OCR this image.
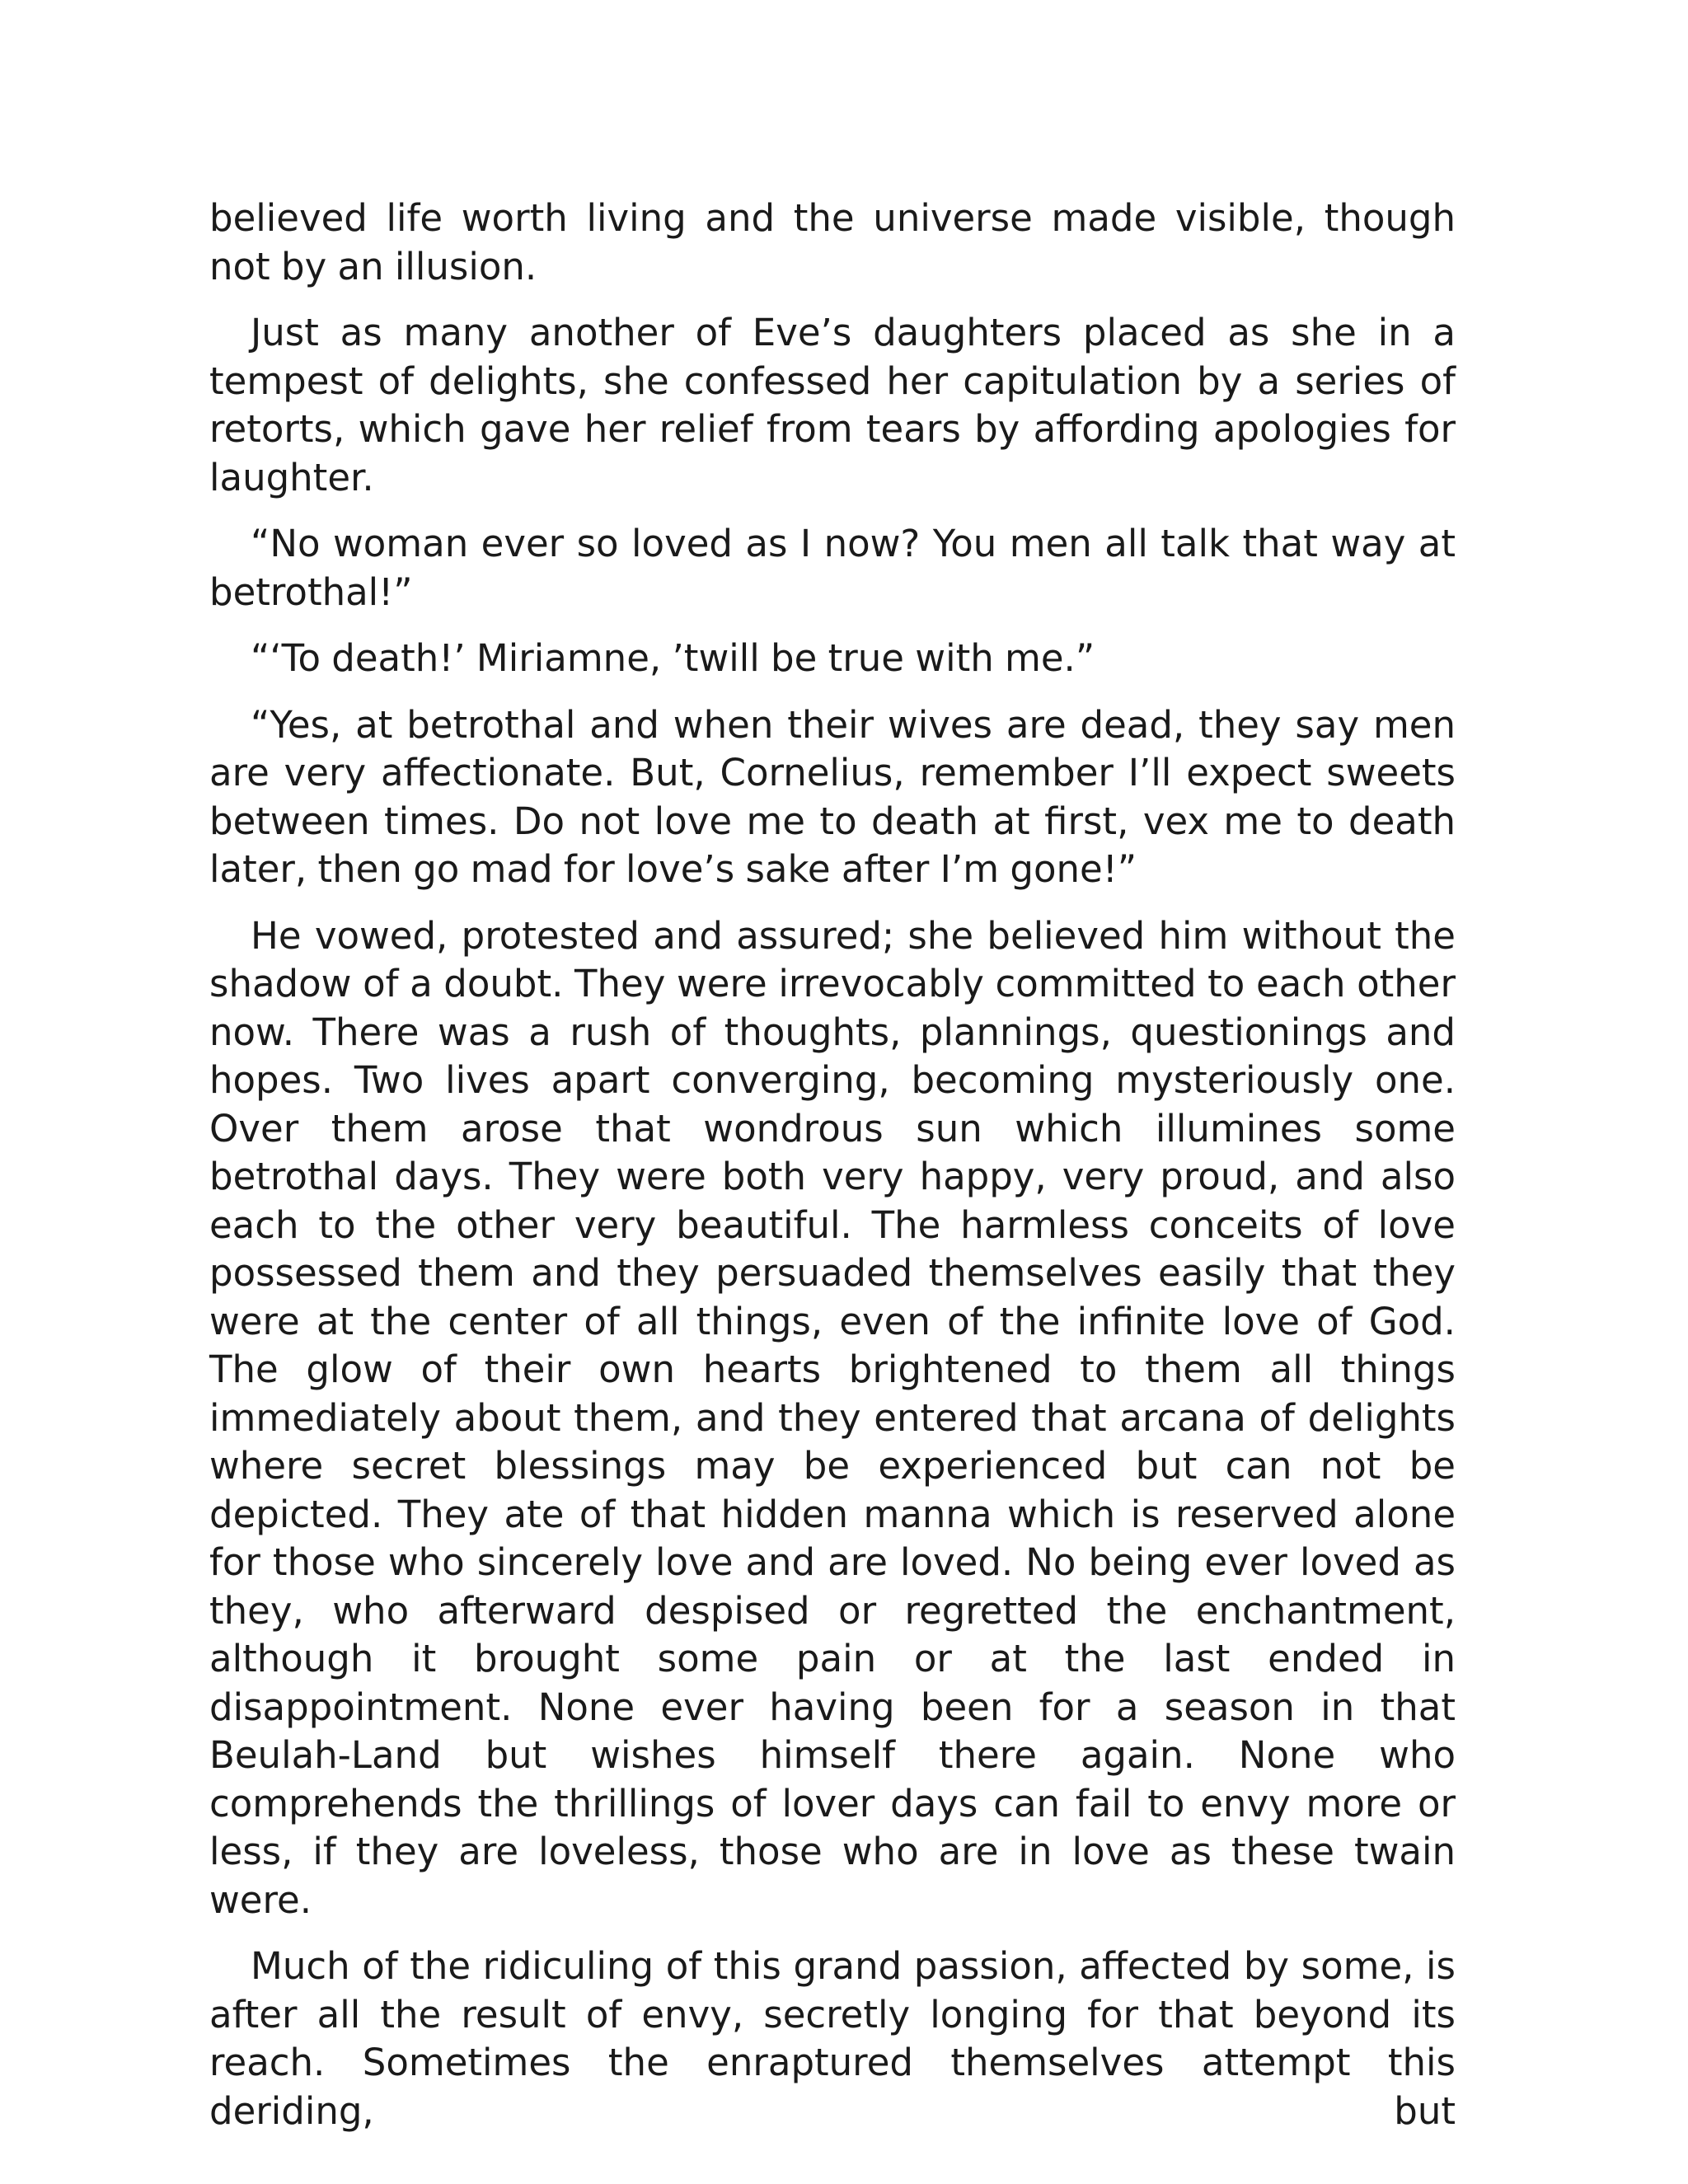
believed life worth living and the universe made visible, though not by an illusion.

Just as many another of Eve’s daughters placed as she in a tempest of delights, she confessed her capitulation by a series of retorts, which gave her relief from tears by affording apologies for laughter.

“No woman ever so loved as I now? You men all talk that way at betrothal!”

“‘To death!’ Miriamne, ’twill be true with me.”

“Yes, at betrothal and when their wives are dead, they say men are very affectionate. But, Cornelius, remember I’ll expect sweets between times. Do not love me to death at first, vex me to death later, then go mad for love’s sake after I’m gone!”

He vowed, protested and assured; she believed him without the shadow of a doubt. They were irrevocably committed to each other now. There was a rush of thoughts, plannings, questionings and hopes. Two lives apart converging, becoming mysteriously one. Over them arose that wondrous sun which illumines some betrothal days. They were both very happy, very proud, and also each to the other very beautiful. The harmless conceits of love possessed them and they persuaded themselves easily that they were at the center of all things, even of the infinite love of God. The glow of their own hearts brightened to them all things immediately about them, and they entered that arcana of delights where secret blessings may be experienced but can not be depicted. They ate of that hidden manna which is reserved alone for those who sincerely love and are loved. No being ever loved as they, who afterward despised or regretted the enchantment, although it brought some pain or at the last ended in disappointment. None ever having been for a season in that Beulah-Land but wishes himself there again. None who comprehends the thrillings of lover days can fail to envy more or less, if they are loveless, those who are in love as these twain were.

Much of the ridiculing of this grand passion, affected by some, is after all the result of envy, secretly longing for that beyond its reach. Sometimes the enraptured themselves attempt this deriding, but
